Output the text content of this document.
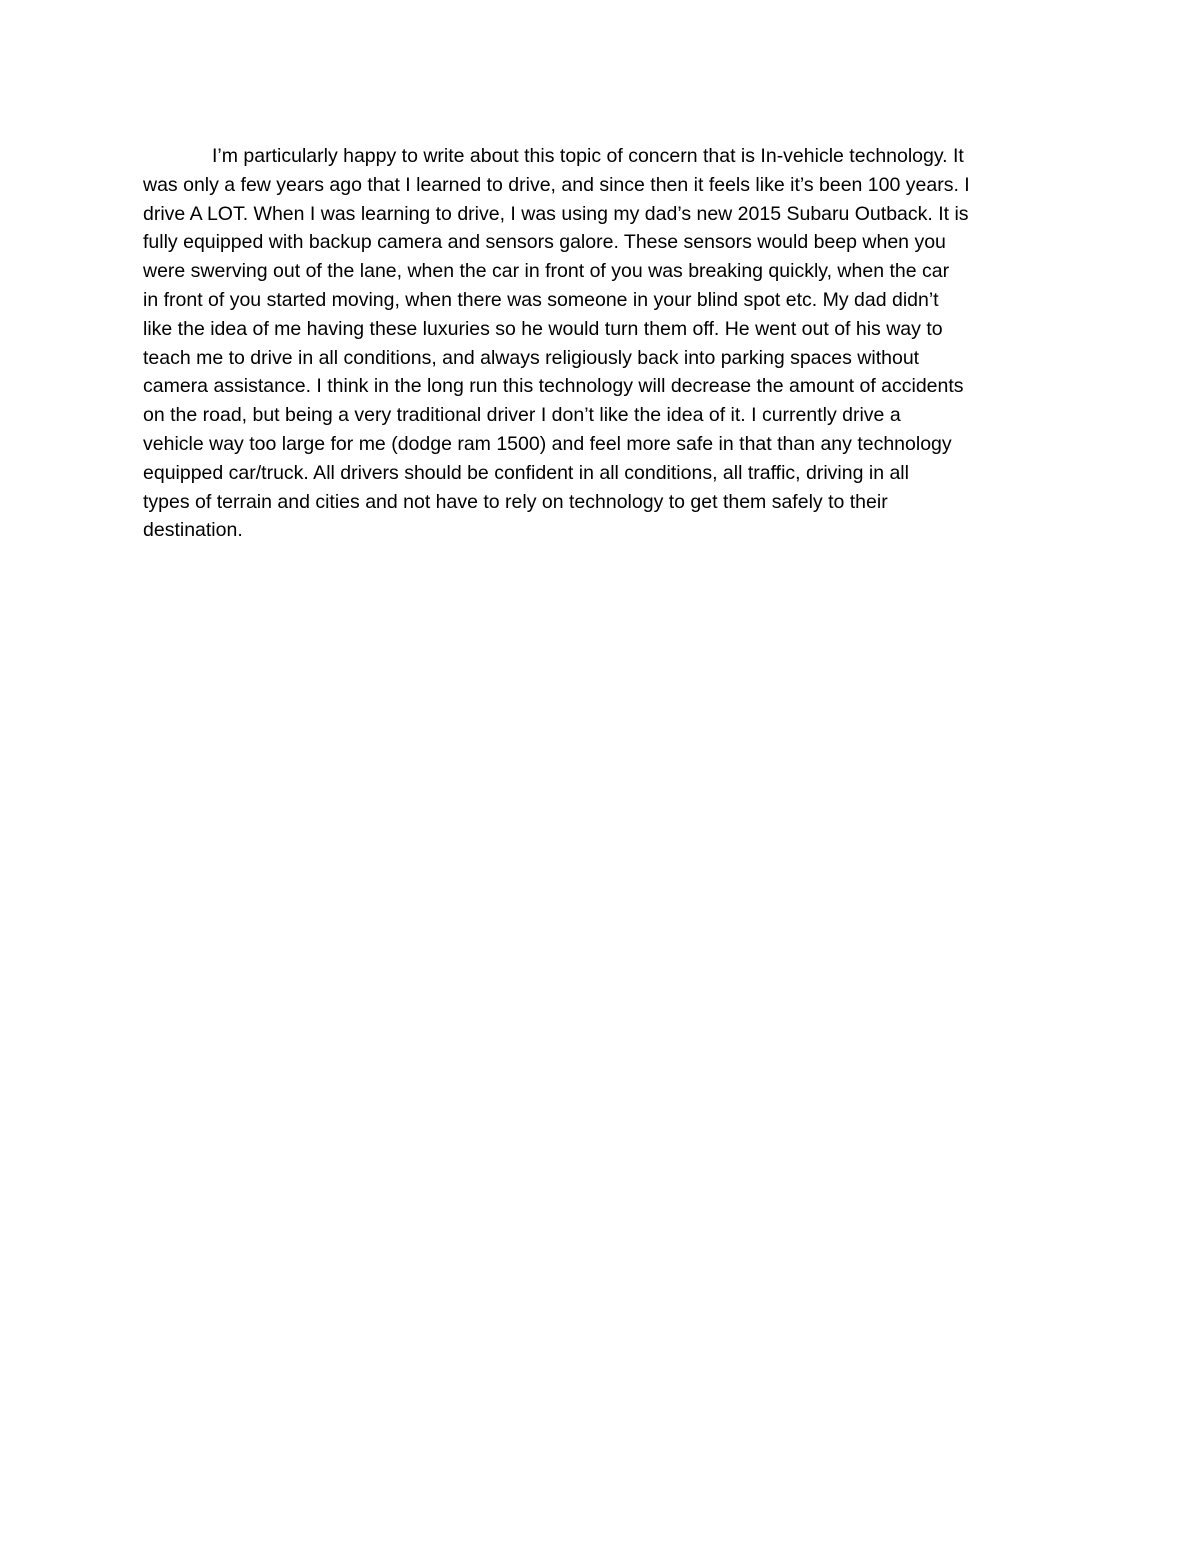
I’m particularly happy to write about this topic of concern that is In-vehicle technology. It
was only a few years ago that I learned to drive, and since then it feels like it’s been 100 years. I
drive A LOT. When I was learning to drive, I was using my dad’s new 2015 Subaru Outback. It is
fully equipped with backup camera and sensors galore. These sensors would beep when you
were swerving out of the lane, when the car in front of you was breaking quickly, when the car
in front of you started moving, when there was someone in your blind spot etc. My dad didn’t
like the idea of me having these luxuries so he would turn them off. He went out of his way to
teach me to drive in all conditions, and always religiously back into parking spaces without
camera assistance. I think in the long run this technology will decrease the amount of accidents
on the road, but being a very traditional driver I don’t like the idea of it. I currently drive a
vehicle way too large for me (dodge ram 1500) and feel more safe in that than any technology
equipped car/truck. All drivers should be confident in all conditions, all traffic, driving in all
types of terrain and cities and not have to rely on technology to get them safely to their
destination.
